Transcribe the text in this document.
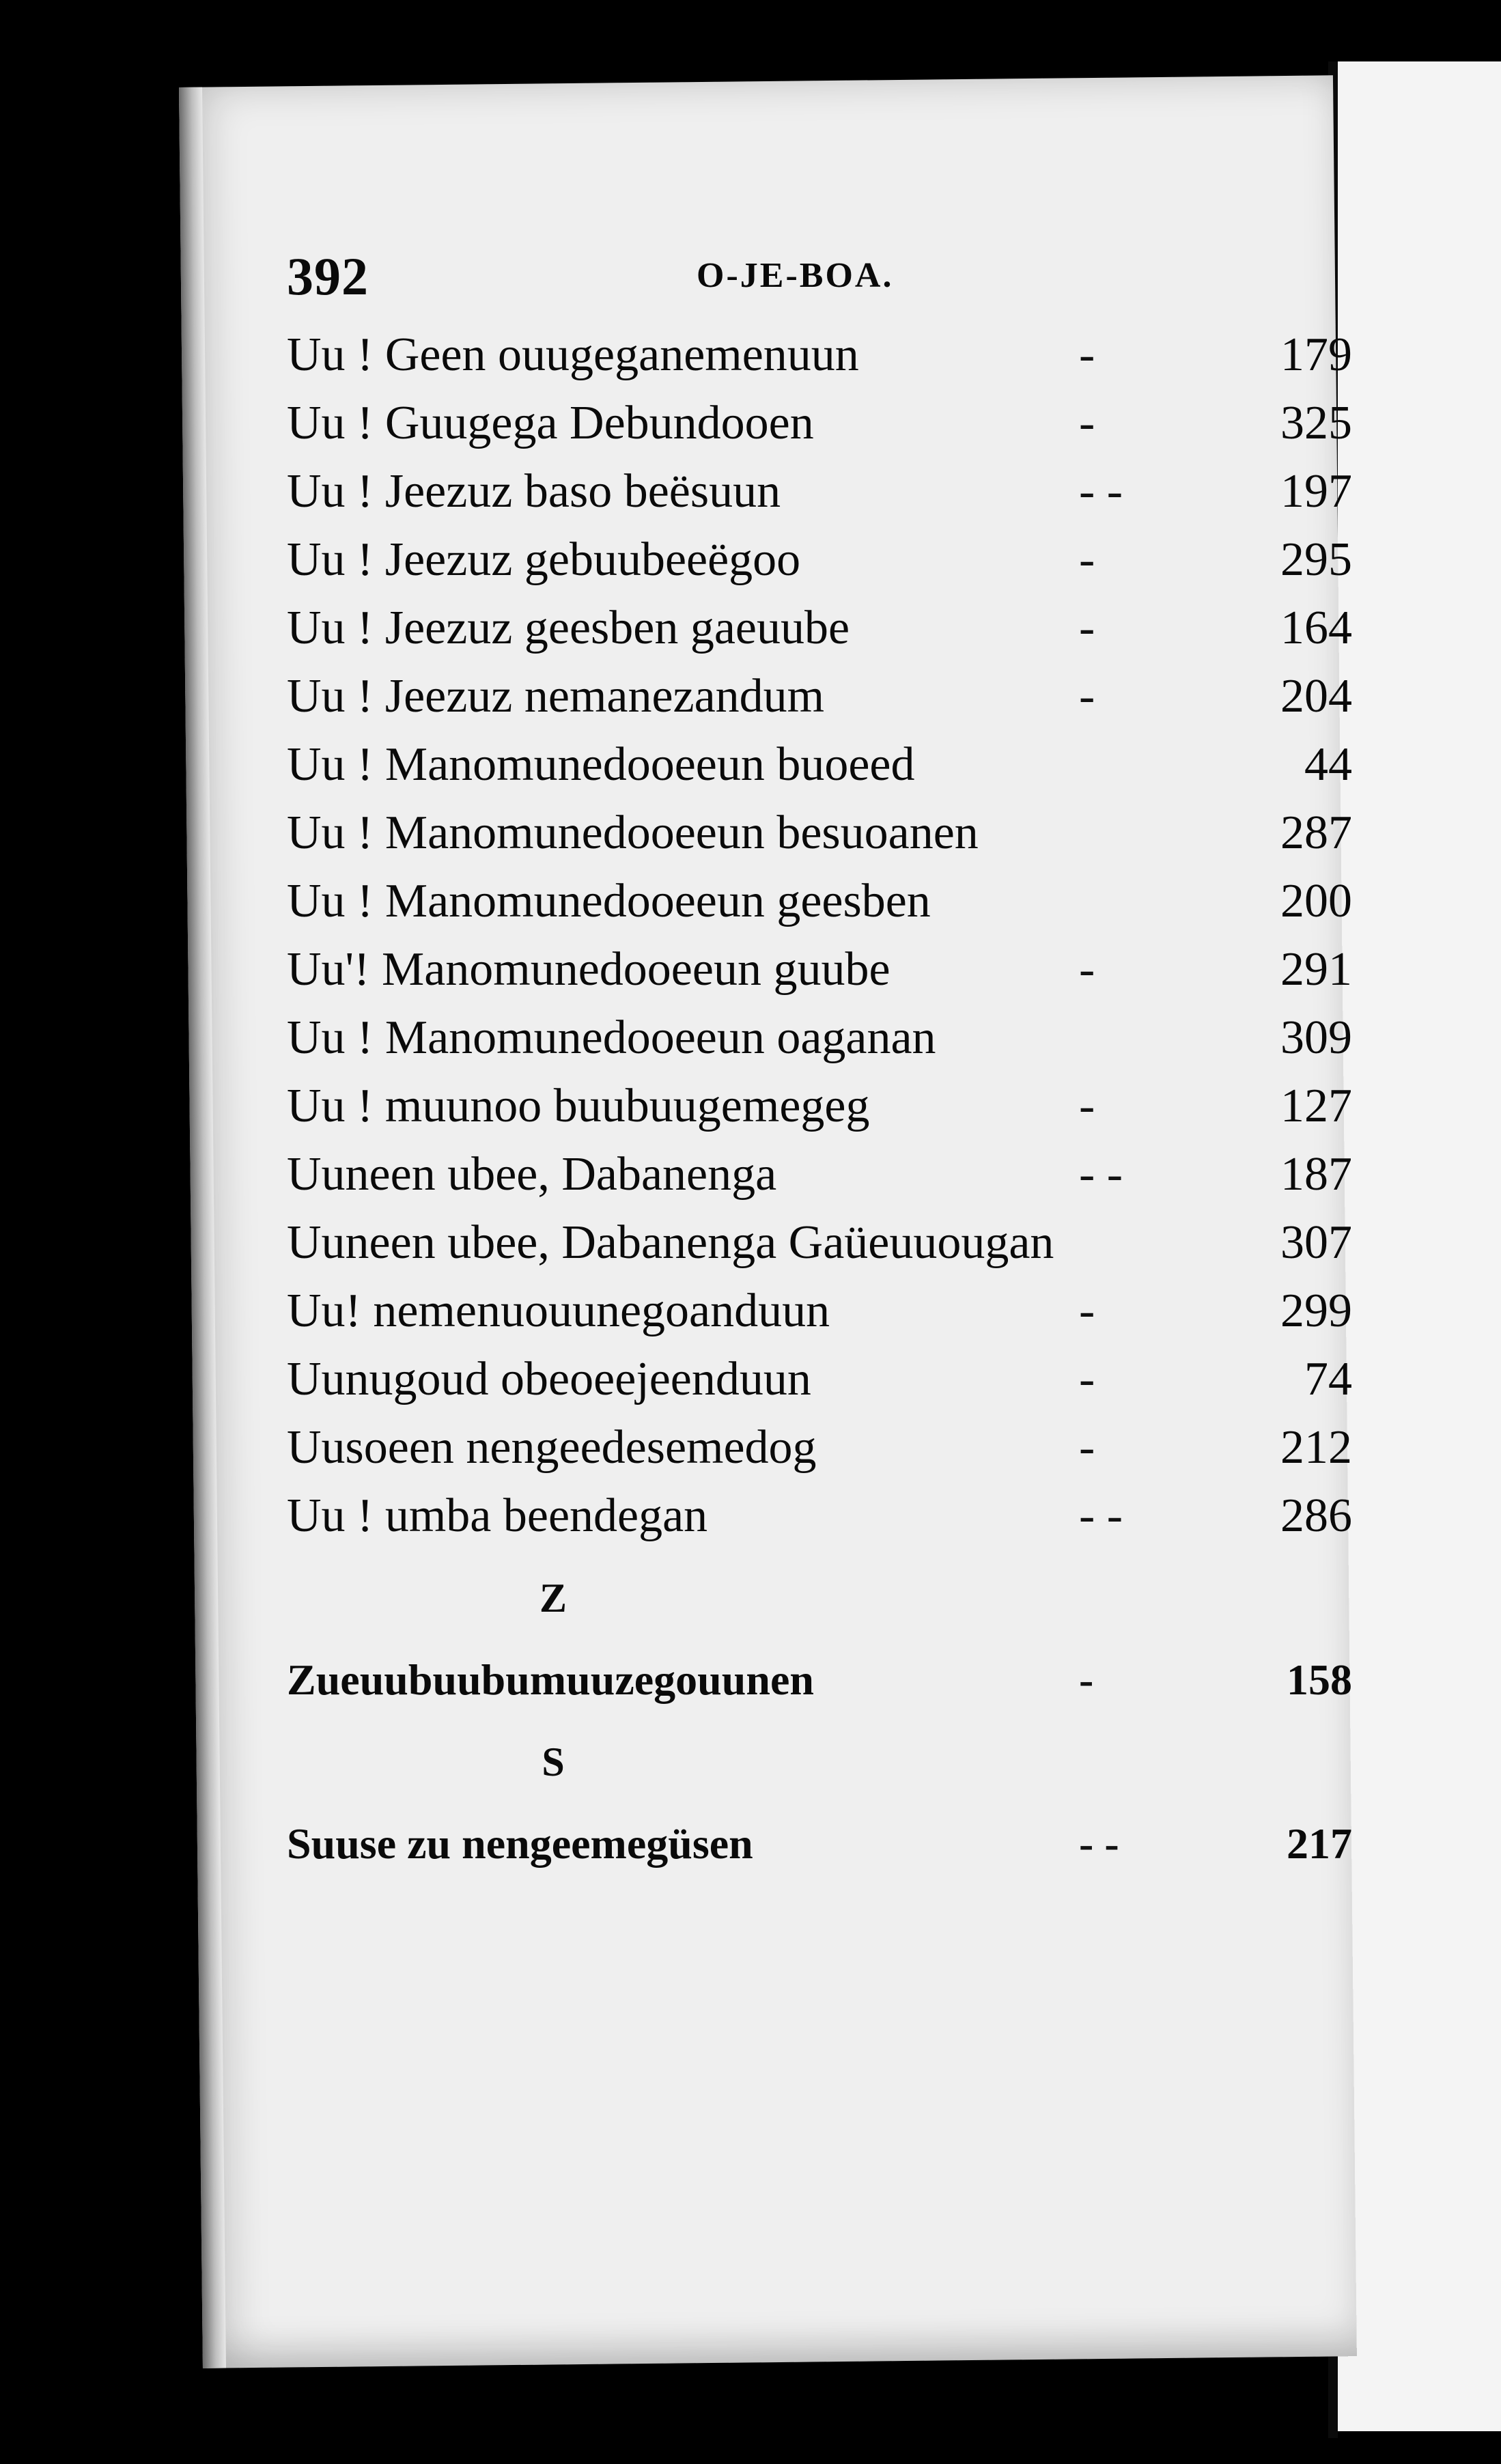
392	O-JE-BOA.
Uu ! Geen ouugeganemenuun	-	179
Uu ! Guugega Debundooen	-	325
Uu ! Jeezuz baso beësuun	- -	197
Uu ! Jeezuz gebuubeeëgoo	-	295
Uu ! Jeezuz geesben gaeuube	-	164
Uu ! Jeezuz nemanezandum	-	204
Uu ! Manomunedooeeun buoeed	44
Uu ! Manomunedooeeun besuoanen	287
Uu ! Manomunedooeeun geesben	200
Uu'! Manomunedooeeun guube	-	291
Uu ! Manomunedooeeun oaganan	309
Uu ! muunoo buubuugemegeg	-	127
Uuneen ubee, Dabanenga	- -	187
Uuneen ubee, Dabanenga Gaüeuuougan	307
Uu! nemenuouunegoanduun	-	299
Uunugoud obeoeejeenduun	-	74
Uusoeen nengeedesemedog	-	212
Uu ! umba beendegan	- -	286
Z
Zueuubuubumuuzegouunen	-	158
S
Suuse zu nengeemegüsen	- -	217
